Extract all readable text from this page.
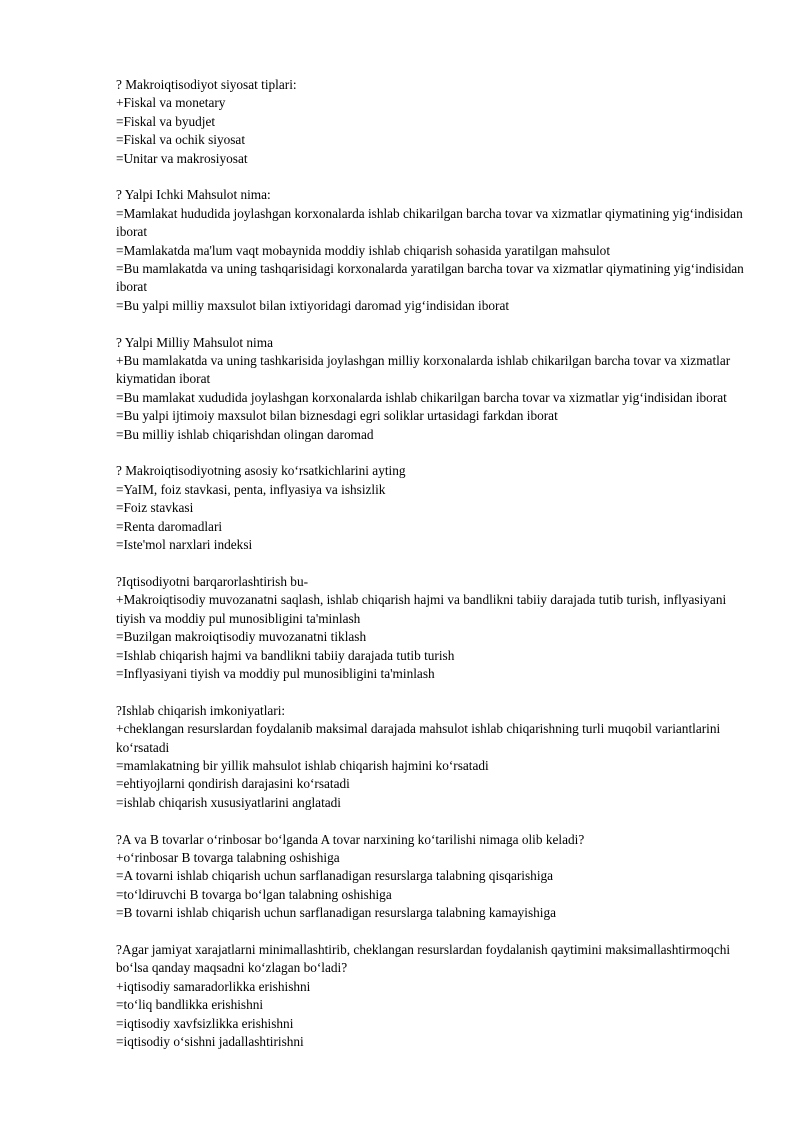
? Makroiqtisodiyot siyosat tiplari:
+Fiskal va monetary
=Fiskal va byudjet
=Fiskal va ochik siyosat
=Unitar va makrosiyosat
? Yalpi Ichki Mahsulot nima:
=Mamlakat hududida joylashgan korxonalarda ishlab chikarilgan barcha tovar va xizmatlar qiymatining yig‘indisidan iborat
=Mamlakatda ma'lum vaqt mobaynida moddiy ishlab chiqarish sohasida yaratilgan mahsulot
=Bu mamlakatda va uning tashqarisidagi korxonalarda yaratilgan barcha tovar va xizmatlar qiymatining yig‘indisidan iborat
=Bu yalpi milliy maxsulot bilan ixtiyoridagi daromad yig‘indisidan iborat
? Yalpi Milliy Mahsulot nima
+Bu mamlakatda va uning tashkarisida joylashgan milliy korxonalarda ishlab chikarilgan barcha tovar va xizmatlar kiymatidan iborat
=Bu mamlakat xududida joylashgan korxonalarda ishlab chikarilgan barcha tovar va xizmatlar yig‘indisidan iborat
=Bu yalpi ijtimoiy maxsulot bilan biznesdagi egri soliklar urtasidagi farkdan iborat
=Bu milliy ishlab chiqarishdan olingan daromad
? Makroiqtisodiyotning asosiy ko‘rsatkichlarini ayting
=YaIM, foiz stavkasi, penta, inflyasiya va ishsizlik
=Foiz stavkasi
=Renta daromadlari
=Iste'mol narxlari indeksi
?Iqtisodiyotni barqarorlashtirish bu-
+Makroiqtisodiy muvozanatni saqlash, ishlab chiqarish hajmi va bandlikni tabiiy darajada tutib turish, inflyasiyani tiyish va moddiy pul munosibligini ta'minlash
=Buzilgan makroiqtisodiy muvozanatni tiklash
=Ishlab chiqarish hajmi va bandlikni tabiiy darajada tutib turish
=Inflyasiyani tiyish va moddiy pul munosibligini ta'minlash
?Ishlab chiqarish imkoniyatlari:
+cheklangan resurslardan foydalanib maksimal darajada mahsulot ishlab chiqarishning turli muqobil variantlarini ko‘rsatadi
=mamlakatning bir yillik mahsulot ishlab chiqarish hajmini ko‘rsatadi
=ehtiyojlarni qondirish darajasini ko‘rsatadi
=ishlab chiqarish xususiyatlarini anglatadi
?A va B tovarlar o‘rinbosar bo‘lganda A tovar narxining ko‘tarilishi nimaga olib keladi?
+o‘rinbosar B tovarga talabning oshishiga
=A tovarni ishlab chiqarish uchun sarflanadigan resurslarga talabning qisqarishiga
=to‘ldiruvchi B tovarga bo‘lgan talabning oshishiga
=B tovarni ishlab chiqarish uchun sarflanadigan resurslarga talabning kamayishiga
?Agar jamiyat xarajatlarni minimallashtirib, cheklangan resurslardan foydalanish qaytimini maksimallashtirmoqchi bo‘lsa qanday maqsadni ko‘zlagan bo‘ladi?
+iqtisodiy samaradorlikka erishishni
=to‘liq bandlikka erishishni
=iqtisodiy xavfsizlikka erishishni
=iqtisodiy o‘sishni jadallashtirishni
